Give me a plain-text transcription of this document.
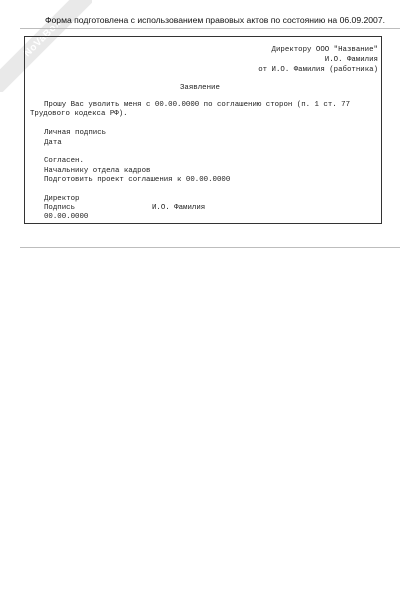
NoVaBox
Форма подготовлена с использованием правовых актов по состоянию на 06.09.2007.
Директору ООО "Название"
И.О. Фамилия
от И.О. Фамилия (работника)
Заявление
Прошу Вас уволить меня с 00.00.0000 по соглашению сторон (п. 1 ст. 77
Трудового кодекса РФ).
Личная подпись
Дата
Согласен.
Начальнику отдела кадров
Подготовить проект соглашения к 00.00.0000
Директор
Подпись	И.О. Фамилия
00.00.0000
